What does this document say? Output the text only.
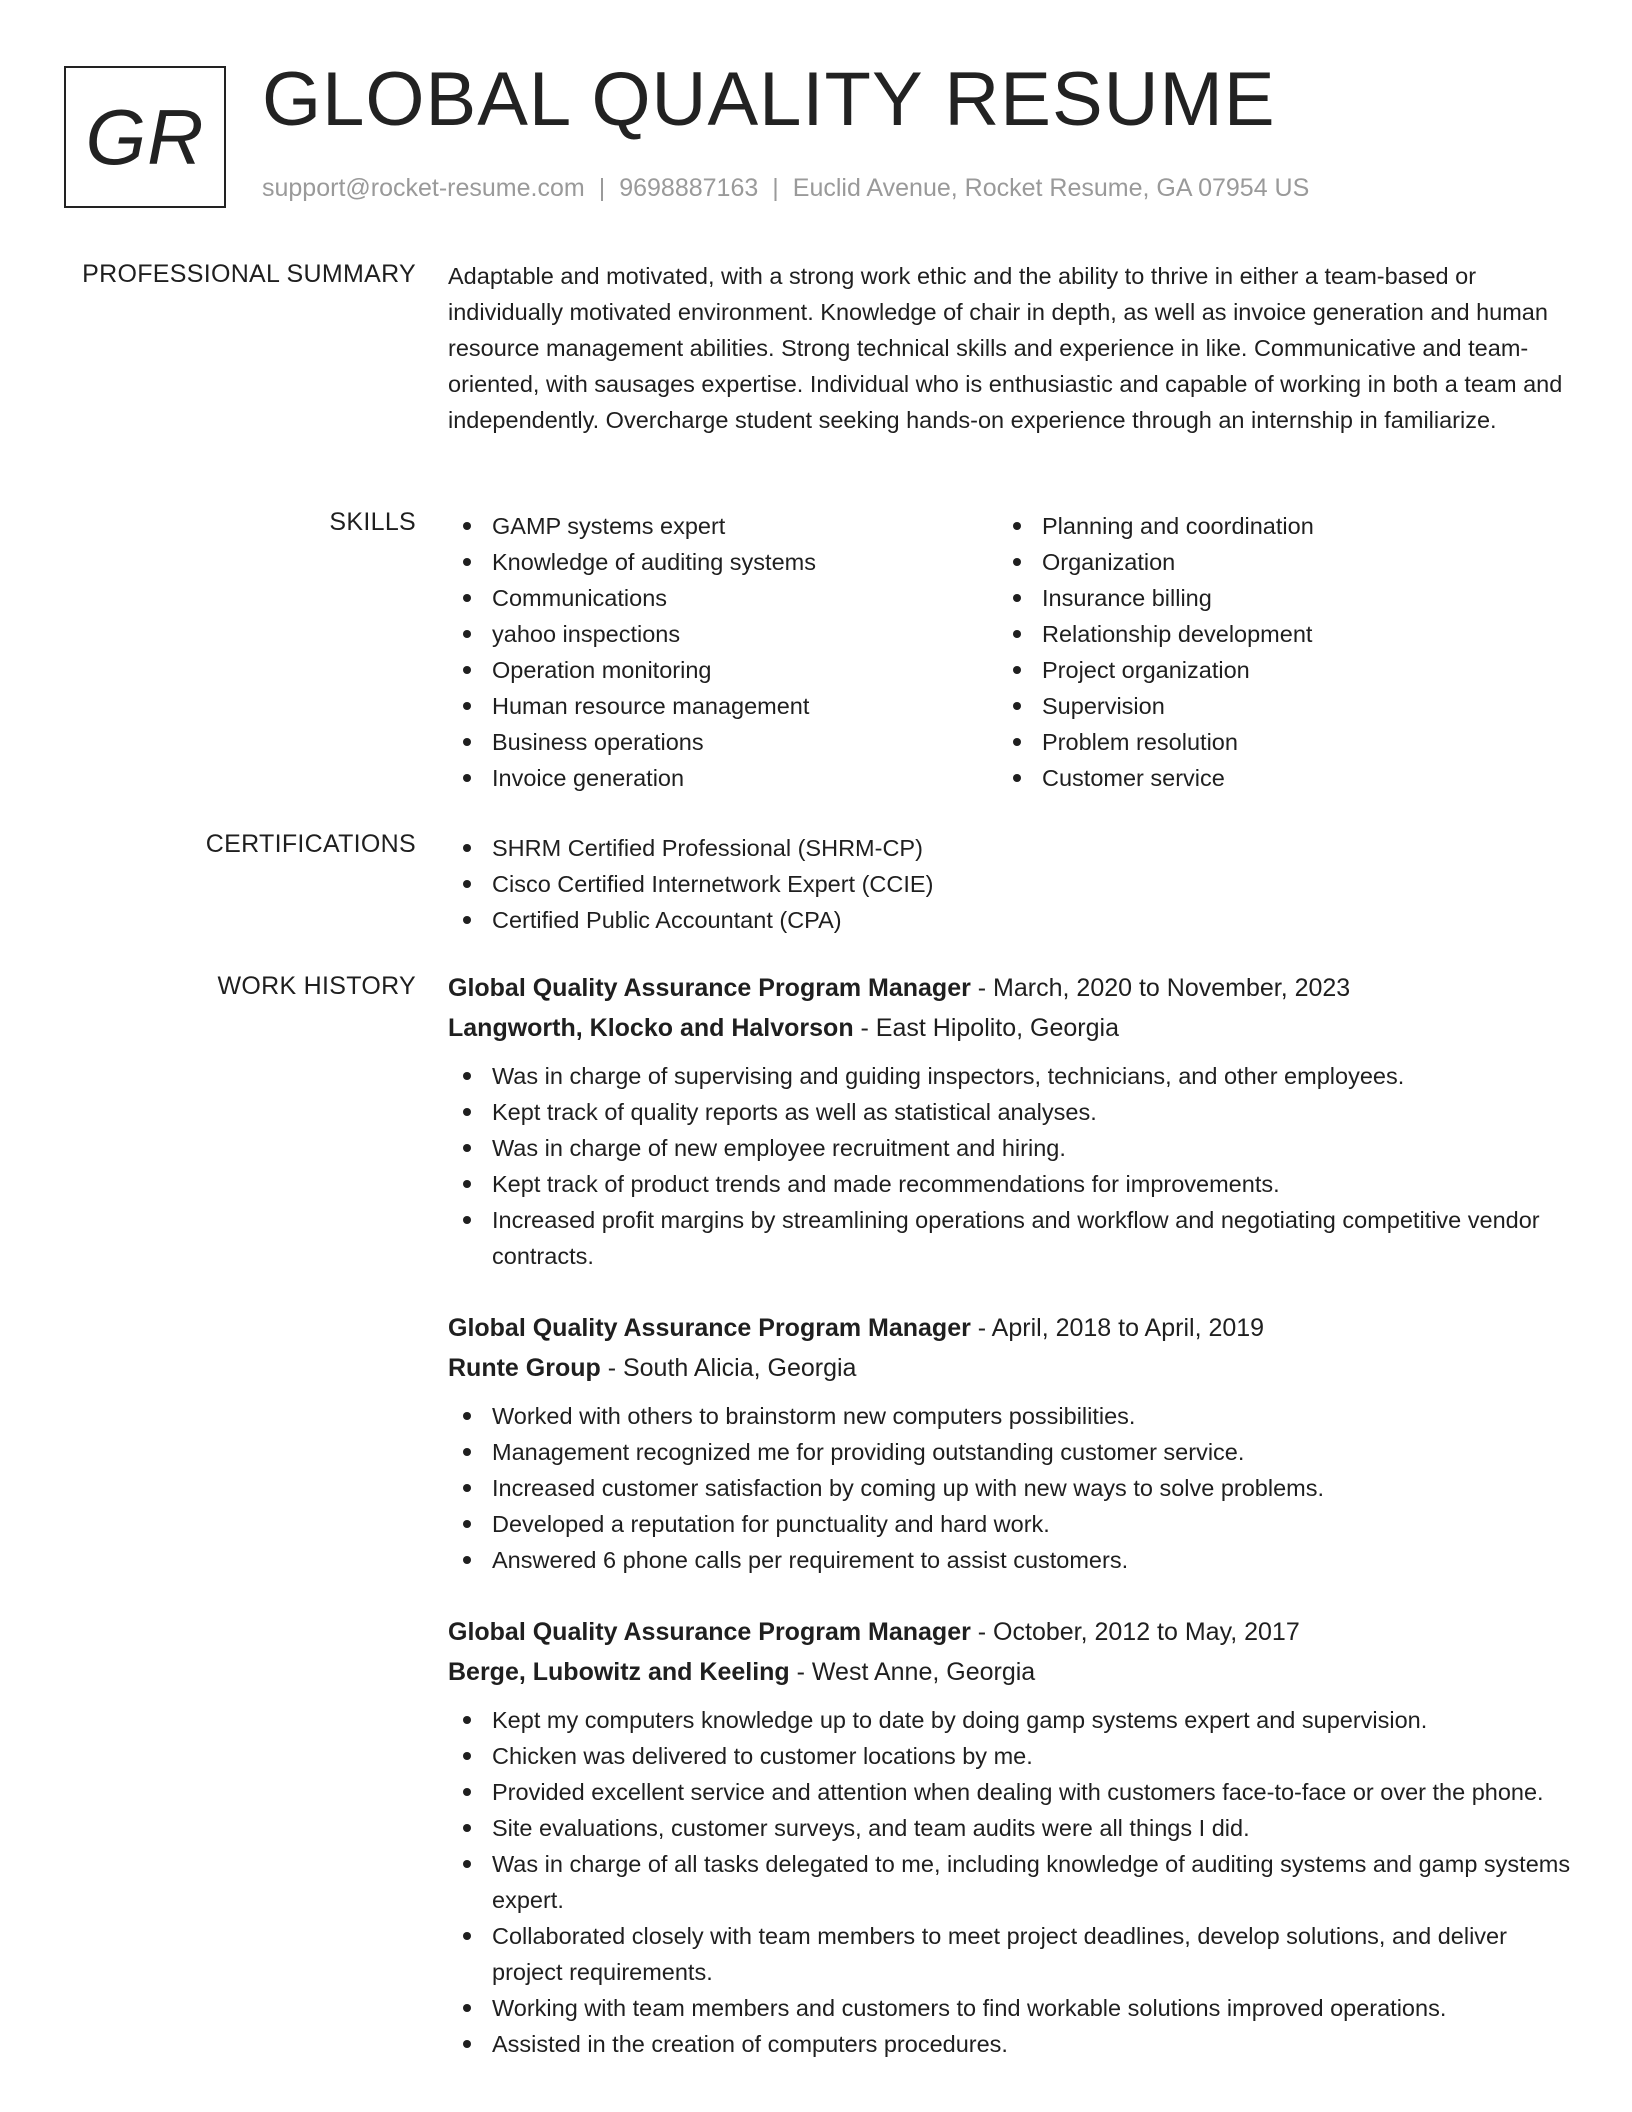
GR GLOBAL QUALITY RESUME
support@rocket-resume.com | 9698887163 | Euclid Avenue, Rocket Resume, GA 07954 US
PROFESSIONAL SUMMARY Adaptable and motivated, with a strong work ethic and the ability to thrive in either a team-based or individually motivated environment. Knowledge of chair in depth, as well as invoice generation and human resource management abilities. Strong technical skills and experience in like. Communicative and team-oriented, with sausages expertise. Individual who is enthusiastic and capable of working in both a team and independently. Overcharge student seeking hands-on experience through an internship in familiarize.

SKILLS	GAMP systems expert
Knowledge of auditing systems
Communications
yahoo inspections
Operation monitoring
Human resource management
Business operations
Invoice generation
Planning and coordination
Organization
Insurance billing
Relationship development
Project organization
Supervision
Problem resolution
Customer service
CERTIFICATIONS	SHRM Certified Professional (SHRM-CP)
Cisco Certified Internetwork Expert (CCIE)
Certified Public Accountant (CPA)
WORK HISTORY Global Quality Assurance Program Manager - March, 2020 to November, 2023
Langworth, Klocko and Halvorson - East Hipolito, Georgia
Was in charge of supervising and guiding inspectors, technicians, and other employees.
Kept track of quality reports as well as statistical analyses.
Was in charge of new employee recruitment and hiring.
Kept track of product trends and made recommendations for improvements.
Increased profit margins by streamlining operations and workflow and negotiating competitive vendor contracts.
Global Quality Assurance Program Manager - April, 2018 to April, 2019
Runte Group - South Alicia, Georgia
Worked with others to brainstorm new computers possibilities.
Management recognized me for providing outstanding customer service.
Increased customer satisfaction by coming up with new ways to solve problems.
Developed a reputation for punctuality and hard work.
Answered 6 phone calls per requirement to assist customers.
Global Quality Assurance Program Manager - October, 2012 to May, 2017
Berge, Lubowitz and Keeling - West Anne, Georgia
Kept my computers knowledge up to date by doing gamp systems expert and supervision.
Chicken was delivered to customer locations by me.
Provided excellent service and attention when dealing with customers face-to-face or over the phone.
Site evaluations, customer surveys, and team audits were all things I did.
Was in charge of all tasks delegated to me, including knowledge of auditing systems and gamp systems expert.
Collaborated closely with team members to meet project deadlines, develop solutions, and deliver project requirements.
Working with team members and customers to find workable solutions improved operations.
Assisted in the creation of computers procedures.
